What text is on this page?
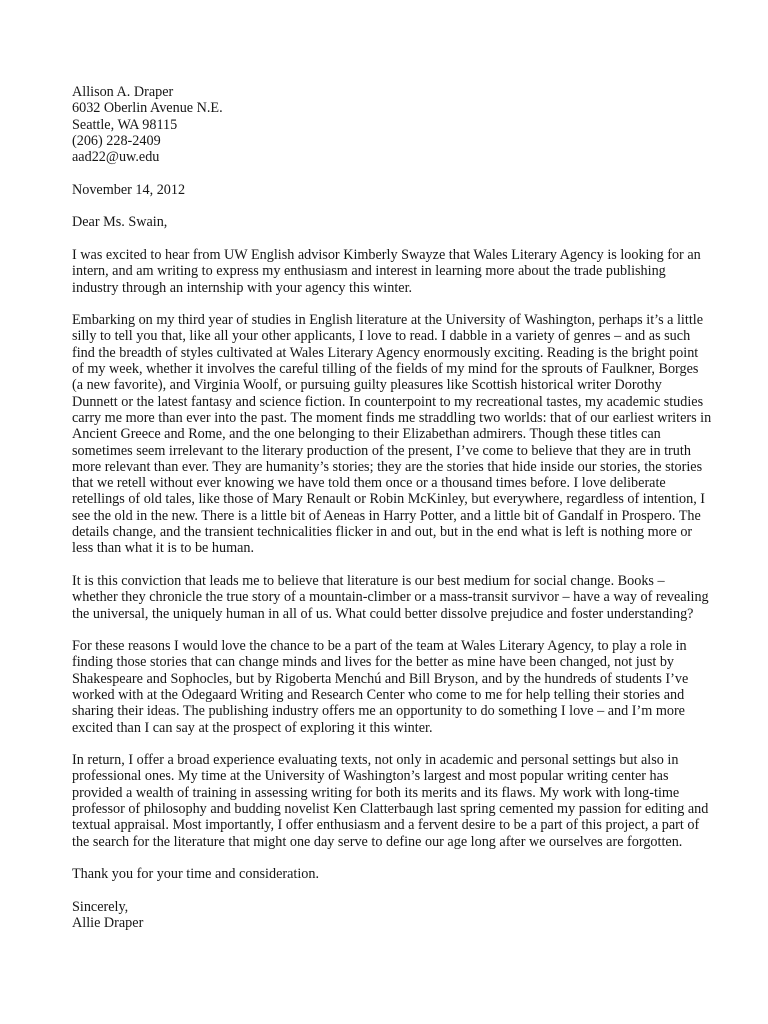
Allison A. Draper
6032 Oberlin Avenue N.E.
Seattle, WA 98115
(206) 228-2409
aad22@uw.edu
November 14, 2012
Dear Ms. Swain,
I was excited to hear from UW English advisor Kimberly Swayze that Wales Literary Agency is looking for an
intern, and am writing to express my enthusiasm and interest in learning more about the trade publishing
industry through an internship with your agency this winter.
Embarking on my third year of studies in English literature at the University of Washington, perhaps it’s a little
silly to tell you that, like all your other applicants, I love to read. I dabble in a variety of genres – and as such
find the breadth of styles cultivated at Wales Literary Agency enormously exciting. Reading is the bright point
of my week, whether it involves the careful tilling of the fields of my mind for the sprouts of Faulkner, Borges
(a new favorite), and Virginia Woolf, or pursuing guilty pleasures like Scottish historical writer Dorothy
Dunnett or the latest fantasy and science fiction. In counterpoint to my recreational tastes, my academic studies
carry me more than ever into the past. The moment finds me straddling two worlds: that of our earliest writers in
Ancient Greece and Rome, and the one belonging to their Elizabethan admirers. Though these titles can
sometimes seem irrelevant to the literary production of the present, I’ve come to believe that they are in truth
more relevant than ever. They are humanity’s stories; they are the stories that hide inside our stories, the stories
that we retell without ever knowing we have told them once or a thousand times before. I love deliberate
retellings of old tales, like those of Mary Renault or Robin McKinley, but everywhere, regardless of intention, I
see the old in the new. There is a little bit of Aeneas in Harry Potter, and a little bit of Gandalf in Prospero. The
details change, and the transient technicalities flicker in and out, but in the end what is left is nothing more or
less than what it is to be human.
It is this conviction that leads me to believe that literature is our best medium for social change. Books –
whether they chronicle the true story of a mountain-climber or a mass-transit survivor – have a way of revealing
the universal, the uniquely human in all of us. What could better dissolve prejudice and foster understanding?
For these reasons I would love the chance to be a part of the team at Wales Literary Agency, to play a role in
finding those stories that can change minds and lives for the better as mine have been changed, not just by
Shakespeare and Sophocles, but by Rigoberta Menchú and Bill Bryson, and by the hundreds of students I’ve
worked with at the Odegaard Writing and Research Center who come to me for help telling their stories and
sharing their ideas. The publishing industry offers me an opportunity to do something I love – and I’m more
excited than I can say at the prospect of exploring it this winter.
In return, I offer a broad experience evaluating texts, not only in academic and personal settings but also in
professional ones. My time at the University of Washington’s largest and most popular writing center has
provided a wealth of training in assessing writing for both its merits and its flaws. My work with long-time
professor of philosophy and budding novelist Ken Clatterbaugh last spring cemented my passion for editing and
textual appraisal. Most importantly, I offer enthusiasm and a fervent desire to be a part of this project, a part of
the search for the literature that might one day serve to define our age long after we ourselves are forgotten.
Thank you for your time and consideration.
Sincerely,
Allie Draper
